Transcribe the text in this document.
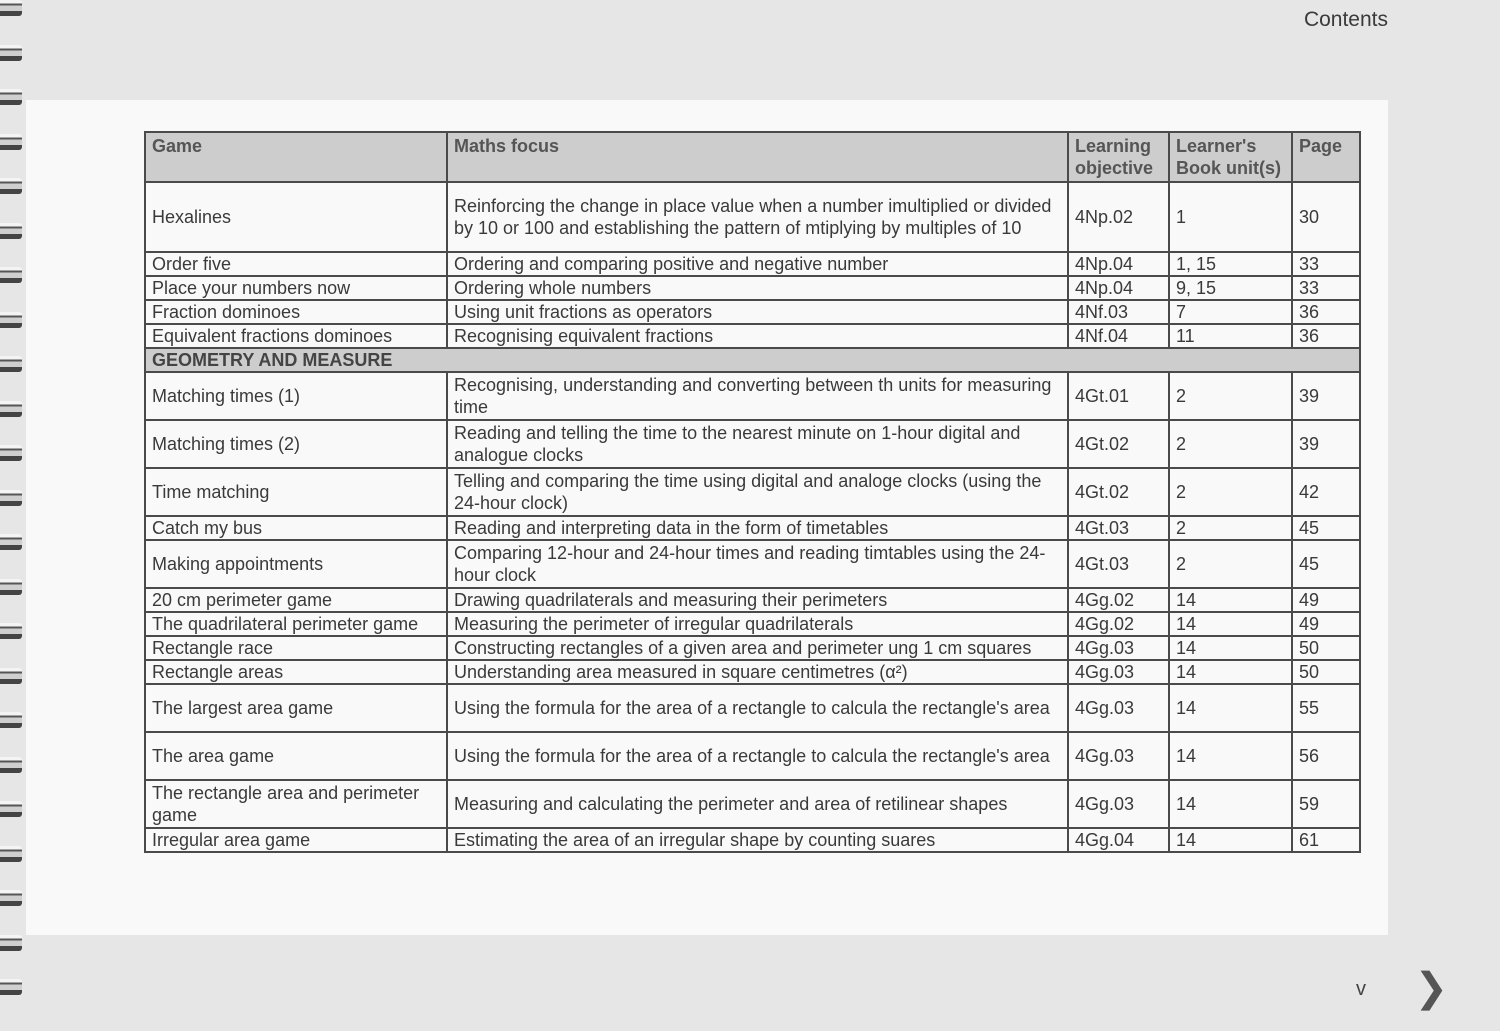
Contents
Game	Maths focus	Learning objective	Learner's Book unit(s)	Page
Hexalines	Reinforcing the change in place value when a number imultiplied or divided by 10 or 100 and establishing the pattern of mtiplying by multiples of 10	4Np.02	1	30
Order five	Ordering and comparing positive and negative number	4Np.04	1, 15	33
Place your numbers now	Ordering whole numbers	4Np.04	9, 15	33
Fraction dominoes	Using unit fractions as operators	4Nf.03	7	36
Equivalent fractions dominoes	Recognising equivalent fractions	4Nf.04	11	36
GEOMETRY AND MEASURE				
Matching times (1)	Recognising, understanding and converting between th units for measuring time	4Gt.01	2	39
Matching times (2)	Reading and telling the time to the nearest minute on 1-hour digital and analogue clocks	4Gt.02	2	39
Time matching	Telling and comparing the time using digital and analoge clocks (using the 24-hour clock)	4Gt.02	2	42
Catch my bus	Reading and interpreting data in the form of timetables	4Gt.03	2	45
Making appointments	Comparing 12-hour and 24-hour times and reading timtables using the 24-hour clock	4Gt.03	2	45
20 cm perimeter game	Drawing quadrilaterals and measuring their perimeters	4Gg.02	14	49
The quadrilateral perimeter game	Measuring the perimeter of irregular quadrilaterals	4Gg.02	14	49
Rectangle race	Constructing rectangles of a given area and perimeter ung 1 cm squares	4Gg.03	14	50
Rectangle areas	Understanding area measured in square centimetres (α²)	4Gg.03	14	50
The largest area game	Using the formula for the area of a rectangle to calcula the rectangle's area	4Gg.03	14	55
The area game	Using the formula for the area of a rectangle to calcula the rectangle's area	4Gg.03	14	56
The rectangle area and perimeter game	Measuring and calculating the perimeter and area of retilinear shapes	4Gg.03	14	59
Irregular area game	Estimating the area of an irregular shape by counting suares	4Gg.04	14	61
v ❯
